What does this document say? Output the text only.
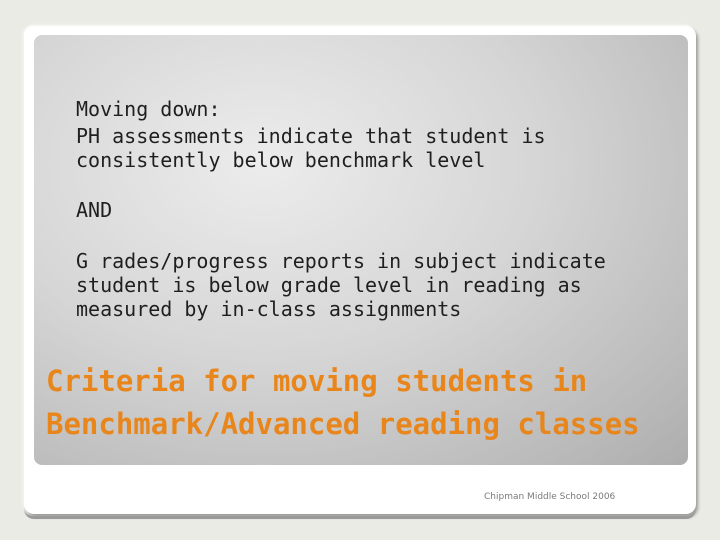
Moving down:
PH assessments indicate that student is consistently below benchmark level
AND
G rades/progress reports in subject indicate student is below grade level in reading as measured by in-class assignments
Criteria for moving students in Benchmark/Advanced reading classes
Chipman Middle School 2006
